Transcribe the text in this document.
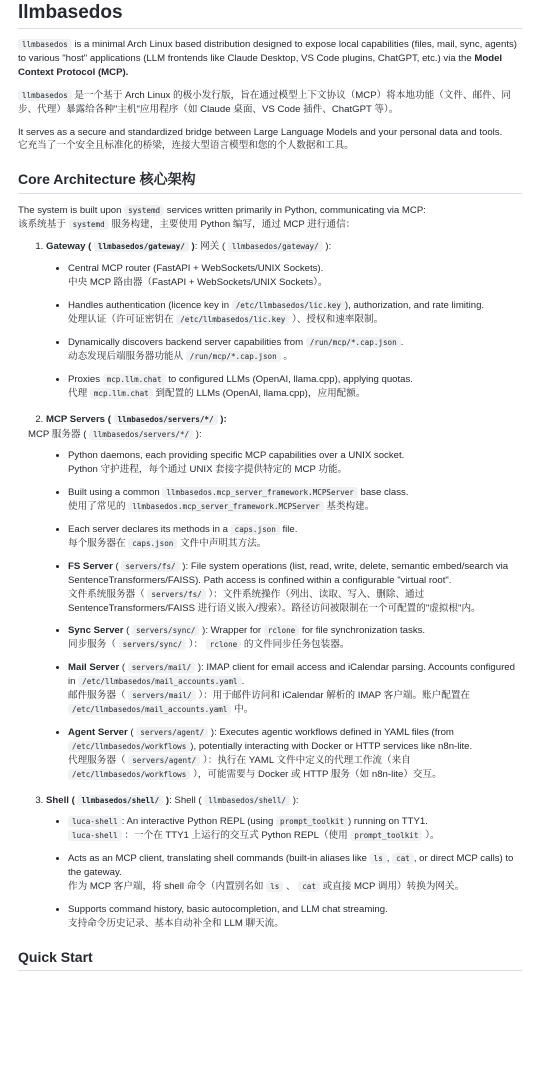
llmbasedos

llmbasedos is a minimal Arch Linux based distribution designed to expose local capabilities (files, mail, sync, agents) to various "host" applications (LLM frontends like Claude Desktop, VS Code plugins, ChatGPT, etc.) via the Model Context Protocol (MCP).

llmbasedos 是一个基于 Arch Linux 的极小发行版，旨在通过模型上下文协议（MCP）将本地功能（文件、邮件、同步、代理）暴露给各种"主机"应用程序（如 Claude 桌面、VS Code 插件、ChatGPT 等）。

It serves as a secure and standardized bridge between Large Language Models and your personal data and tools.
它充当了一个安全且标准化的桥梁，连接大型语言模型和您的个人数据和工具。

Core Architecture 核心架构

The system is built upon systemd services written primarily in Python, communicating via MCP:
该系统基于 systemd 服务构建，主要使用 Python 编写，通过 MCP 进行通信：

1. Gateway ( llmbasedos/gateway/ ): 网关 ( llmbasedos/gateway/ ):
• Central MCP router (FastAPI + WebSockets/UNIX Sockets).
中央 MCP 路由器（FastAPI + WebSockets/UNIX Sockets）。
• Handles authentication (licence key in /etc/llmbasedos/lic.key ), authorization, and rate limiting.
处理认证（许可证密钥在 /etc/llmbasedos/lic.key ）、授权和速率限制。
• Dynamically discovers backend server capabilities from /run/mcp/*.cap.json .
动态发现后端服务器功能从 /run/mcp/*.cap.json 。
• Proxies mcp.llm.chat to configured LLMs (OpenAI, llama.cpp), applying quotas.
代理 mcp.llm.chat 到配置的 LLMs (OpenAI, llama.cpp)，应用配额。
2. MCP Servers ( llmbasedos/servers/*/ ):
MCP 服务器 ( llmbasedos/servers/*/ ):
• Python daemons, each providing specific MCP capabilities over a UNIX socket.
Python 守护进程，每个通过 UNIX 套接字提供特定的 MCP 功能。
• Built using a common llmbasedos.mcp_server_framework.MCPServer base class.
使用了常见的 llmbasedos.mcp_server_framework.MCPServer 基类构建。
• Each server declares its methods in a caps.json file.
每个服务器在 caps.json 文件中声明其方法。
• FS Server ( servers/fs/ ): File system operations (list, read, write, delete, semantic embed/search via SentenceTransformers/FAISS). Path access is confined within a configurable "virtual root".
文件系统服务器（ servers/fs/ ）：文件系统操作（列出、读取、写入、删除、通过 SentenceTransformers/FAISS 进行语义嵌入/搜索）。路径访问被限制在一个可配置的"虚拟根"内。
• Sync Server ( servers/sync/ ): Wrapper for rclone for file synchronization tasks.
同步服务（ servers/sync/ ）： rclone 的文件同步任务包装器。
• Mail Server ( servers/mail/ ): IMAP client for email access and iCalendar parsing. Accounts configured in /etc/llmbasedos/mail_accounts.yaml .
邮件服务器（ servers/mail/ ）：用于邮件访问和 iCalendar 解析的 IMAP 客户端。账户配置在 /etc/llmbasedos/mail_accounts.yaml 中。
• Agent Server ( servers/agent/ ): Executes agentic workflows defined in YAML files (from /etc/llmbasedos/workflows ), potentially interacting with Docker or HTTP services like n8n-lite.
代理服务器（ servers/agent/ ）：执行在 YAML 文件中定义的代理工作流（来自 /etc/llmbasedos/workflows ），可能需要与 Docker 或 HTTP 服务（如 n8n-lite）交互。
3. Shell ( llmbasedos/shell/ ): Shell ( llmbasedos/shell/ ):
• luca-shell : An interactive Python REPL (using prompt_toolkit ) running on TTY1.
luca-shell ：一个在 TTY1 上运行的交互式 Python REPL（使用 prompt_toolkit ）。
• Acts as an MCP client, translating shell commands (built-in aliases like ls , cat , or direct MCP calls) to the gateway.
作为 MCP 客户端，将 shell 命令（内置别名如 ls 、 cat 或直接 MCP 调用）转换为网关。
• Supports command history, basic autocompletion, and LLM chat streaming.
支持命令历史记录、基本自动补全和 LLM 聊天流。
Quick Start
